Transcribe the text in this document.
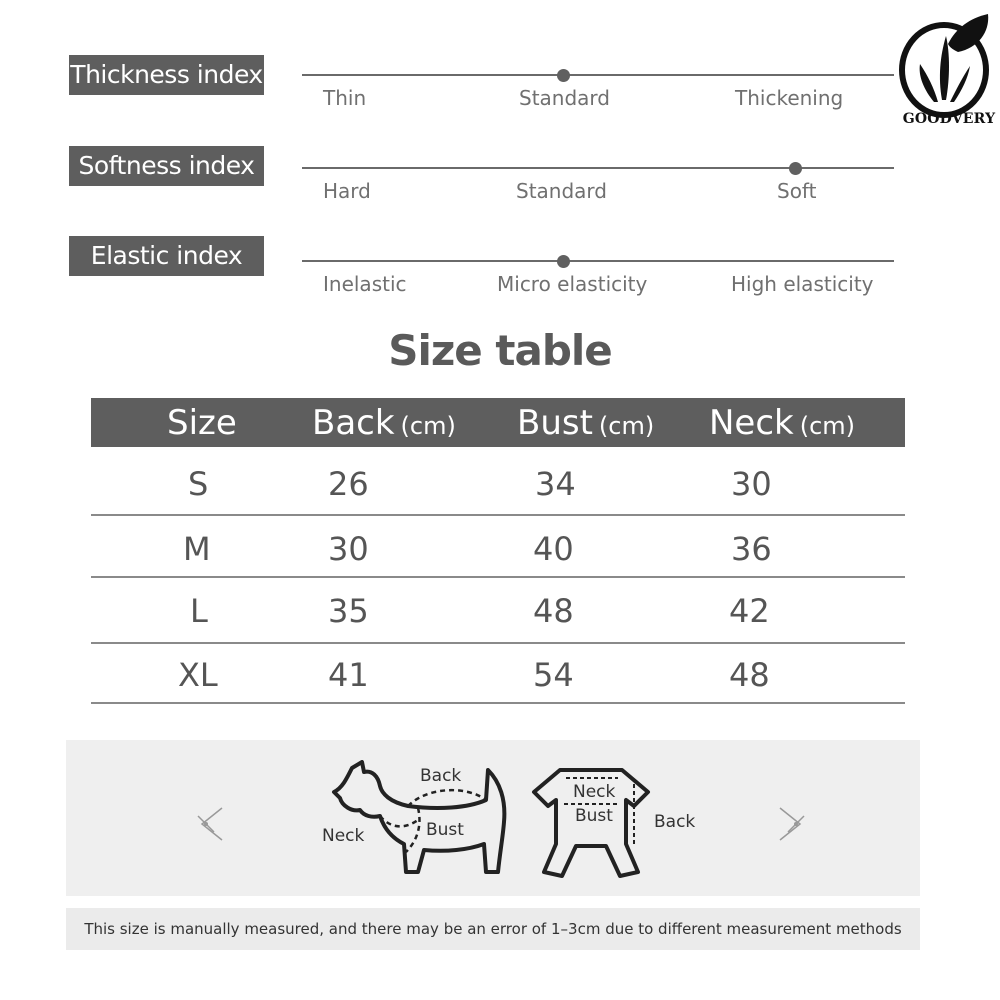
Thickness index
Thin	Standard	Thickening
Softness index
Hard	Standard	Soft
Elastic index
Inelastic	Micro elasticity	High elasticity
GOODVERY
Size table
Size Back (cm) Bust (cm) Neck (cm)
S	26	34	30
M	30	40	36
L	35	48	42
XL	41	54	48
Back
Neck	Bust
Neck
Bust Back
This size is manually measured, and there may be an error of 1–3cm due to different measurement methods
